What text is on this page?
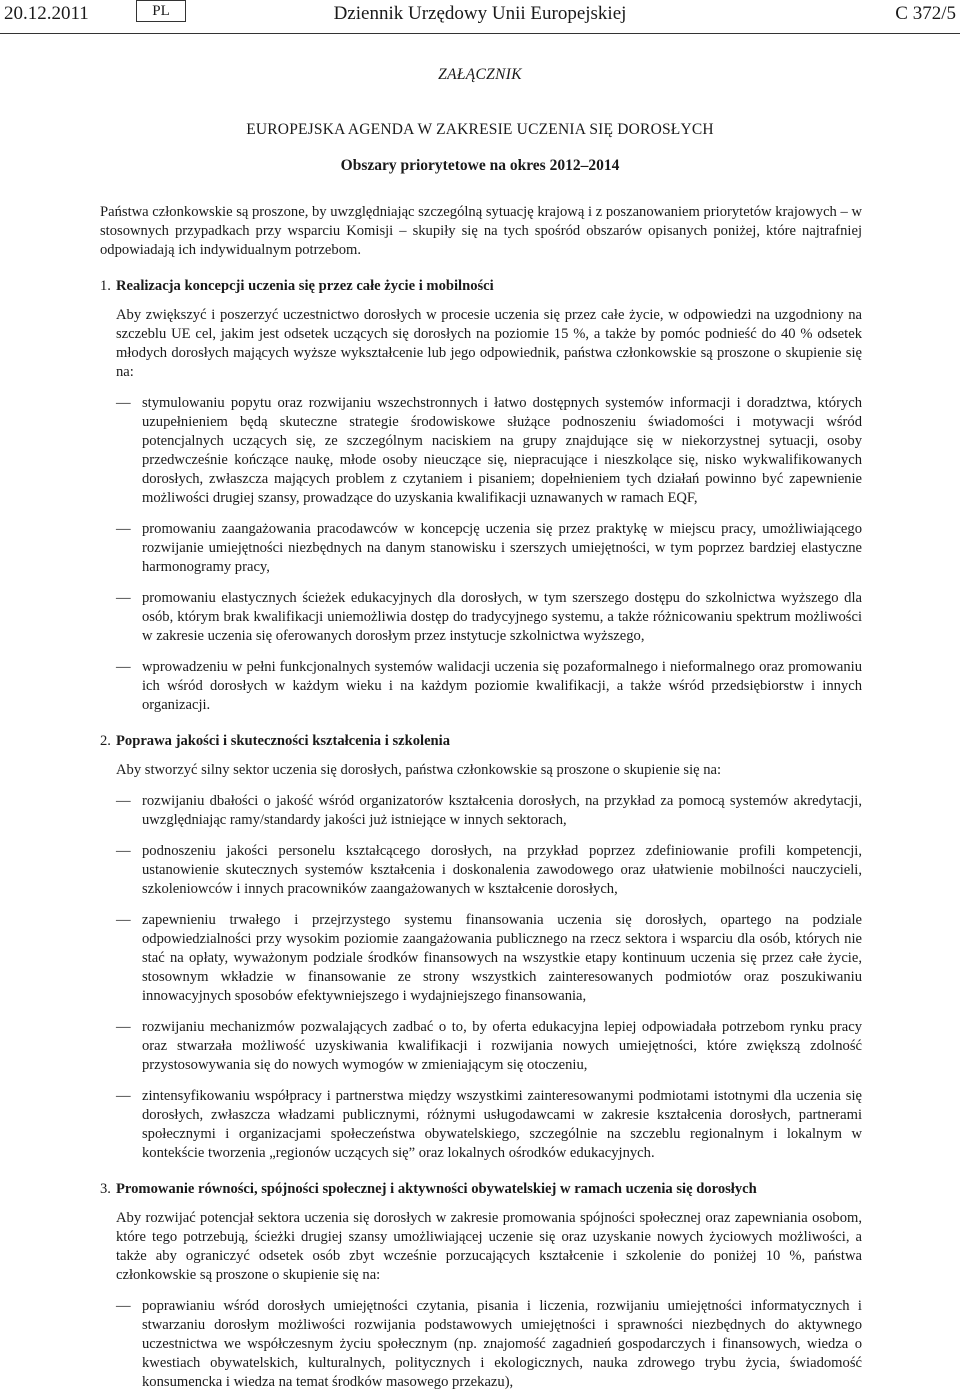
20.12.2011	PL	Dziennik Urzędowy Unii Europejskiej	C 372/5
ZAŁĄCZNIK
EUROPEJSKA AGENDA W ZAKRESIE UCZENIA SIĘ DOROSŁYCH
Obszary priorytetowe na okres 2012–2014

Państwa członkowskie są proszone, by uwzględniając szczególną sytuację krajową i z poszanowaniem priorytetów krajowych – w stosownych przypadkach przy wsparciu Komisji – skupiły się na tych spośród obszarów opisanych poniżej, które najtrafniej odpowiadają ich indywidualnym potrzebom.

1. Realizacja koncepcji uczenia się przez całe życie i mobilności

Aby zwiększyć i poszerzyć uczestnictwo dorosłych w procesie uczenia się przez całe życie, w odpowiedzi na uzgodniony na szczeblu UE cel, jakim jest odsetek uczących się dorosłych na poziomie 15 %, a także by pomóc podnieść do 40 % odsetek młodych dorosłych mających wyższe wykształcenie lub jego odpowiednik, państwa członkowskie są proszone o skupienie się na:

— stymulowaniu popytu oraz rozwijaniu wszechstronnych i łatwo dostępnych systemów informacji i doradztwa, których uzupełnieniem będą skuteczne strategie środowiskowe służące podnoszeniu świadomości i motywacji wśród potencjalnych uczących się, ze szczególnym naciskiem na grupy znajdujące się w niekorzystnej sytuacji, osoby przedwcześnie kończące naukę, młode osoby nieuczące się, niepracujące i nieszkolące się, nisko wykwalifikowanych dorosłych, zwłaszcza mających problem z czytaniem i pisaniem; dopełnieniem tych działań powinno być zapewnienie możliwości drugiej szansy, prowadzące do uzyskania kwalifikacji uznawanych w ramach EQF,

— promowaniu zaangażowania pracodawców w koncepcję uczenia się przez praktykę w miejscu pracy, umożliwiającego rozwijanie umiejętności niezbędnych na danym stanowisku i szerszych umiejętności, w tym poprzez bardziej elastyczne harmonogramy pracy,

— promowaniu elastycznych ścieżek edukacyjnych dla dorosłych, w tym szerszego dostępu do szkolnictwa wyższego dla osób, którym brak kwalifikacji uniemożliwia dostęp do tradycyjnego systemu, a także różnicowaniu spektrum możliwości w zakresie uczenia się oferowanych dorosłym przez instytucje szkolnictwa wyższego,

— wprowadzeniu w pełni funkcjonalnych systemów walidacji uczenia się pozaformalnego i nieformalnego oraz promowaniu ich wśród dorosłych w każdym wieku i na każdym poziomie kwalifikacji, a także wśród przedsiębiorstw i innych organizacji.

2. Poprawa jakości i skuteczności kształcenia i szkolenia

Aby stworzyć silny sektor uczenia się dorosłych, państwa członkowskie są proszone o skupienie się na:

— rozwijaniu dbałości o jakość wśród organizatorów kształcenia dorosłych, na przykład za pomocą systemów akredytacji, uwzględniając ramy/standardy jakości już istniejące w innych sektorach,

— podnoszeniu jakości personelu kształcącego dorosłych, na przykład poprzez zdefiniowanie profili kompetencji, ustanowienie skutecznych systemów kształcenia i doskonalenia zawodowego oraz ułatwienie mobilności nauczycieli, szkoleniowców i innych pracowników zaangażowanych w kształcenie dorosłych,

— zapewnieniu trwałego i przejrzystego systemu finansowania uczenia się dorosłych, opartego na podziale odpowiedzialności przy wysokim poziomie zaangażowania publicznego na rzecz sektora i wsparciu dla osób, których nie stać na opłaty, wyważonym podziale środków finansowych na wszystkie etapy kontinuum uczenia się przez całe życie, stosownym wkładzie w finansowanie ze strony wszystkich zainteresowanych podmiotów oraz poszukiwaniu innowacyjnych sposobów efektywniejszego i wydajniejszego finansowania,

— rozwijaniu mechanizmów pozwalających zadbać o to, by oferta edukacyjna lepiej odpowiadała potrzebom rynku pracy oraz stwarzała możliwość uzyskiwania kwalifikacji i rozwijania nowych umiejętności, które zwiększą zdolność przystosowywania się do nowych wymogów w zmieniającym się otoczeniu,

— zintensyfikowaniu współpracy i partnerstwa między wszystkimi zainteresowanymi podmiotami istotnymi dla uczenia się dorosłych, zwłaszcza władzami publicznymi, różnymi usługodawcami w zakresie kształcenia dorosłych, partnerami społecznymi i organizacjami społeczeństwa obywatelskiego, szczególnie na szczeblu regionalnym i lokalnym w kontekście tworzenia „regionów uczących się” oraz lokalnych ośrodków edukacyjnych.

3. Promowanie równości, spójności społecznej i aktywności obywatelskiej w ramach uczenia się dorosłych

Aby rozwijać potencjał sektora uczenia się dorosłych w zakresie promowania spójności społecznej oraz zapewniania osobom, które tego potrzebują, ścieżki drugiej szansy umożliwiającej uczenie się oraz uzyskanie nowych życiowych możliwości, a także aby ograniczyć odsetek osób zbyt wcześnie porzucających kształcenie i szkolenie do poniżej 10 %, państwa członkowskie są proszone o skupienie się na:

— poprawianiu wśród dorosłych umiejętności czytania, pisania i liczenia, rozwijaniu umiejętności informatycznych i stwarzaniu dorosłym możliwości rozwijania podstawowych umiejętności i sprawności niezbędnych do aktywnego uczestnictwa we współczesnym życiu społecznym (np. znajomość zagadnień gospodarczych i finansowych, wiedza o kwestiach obywatelskich, kulturalnych, politycznych i ekologicznych, nauka zdrowego trybu życia, świadomość konsumencka i wiedza na temat środków masowego przekazu),
